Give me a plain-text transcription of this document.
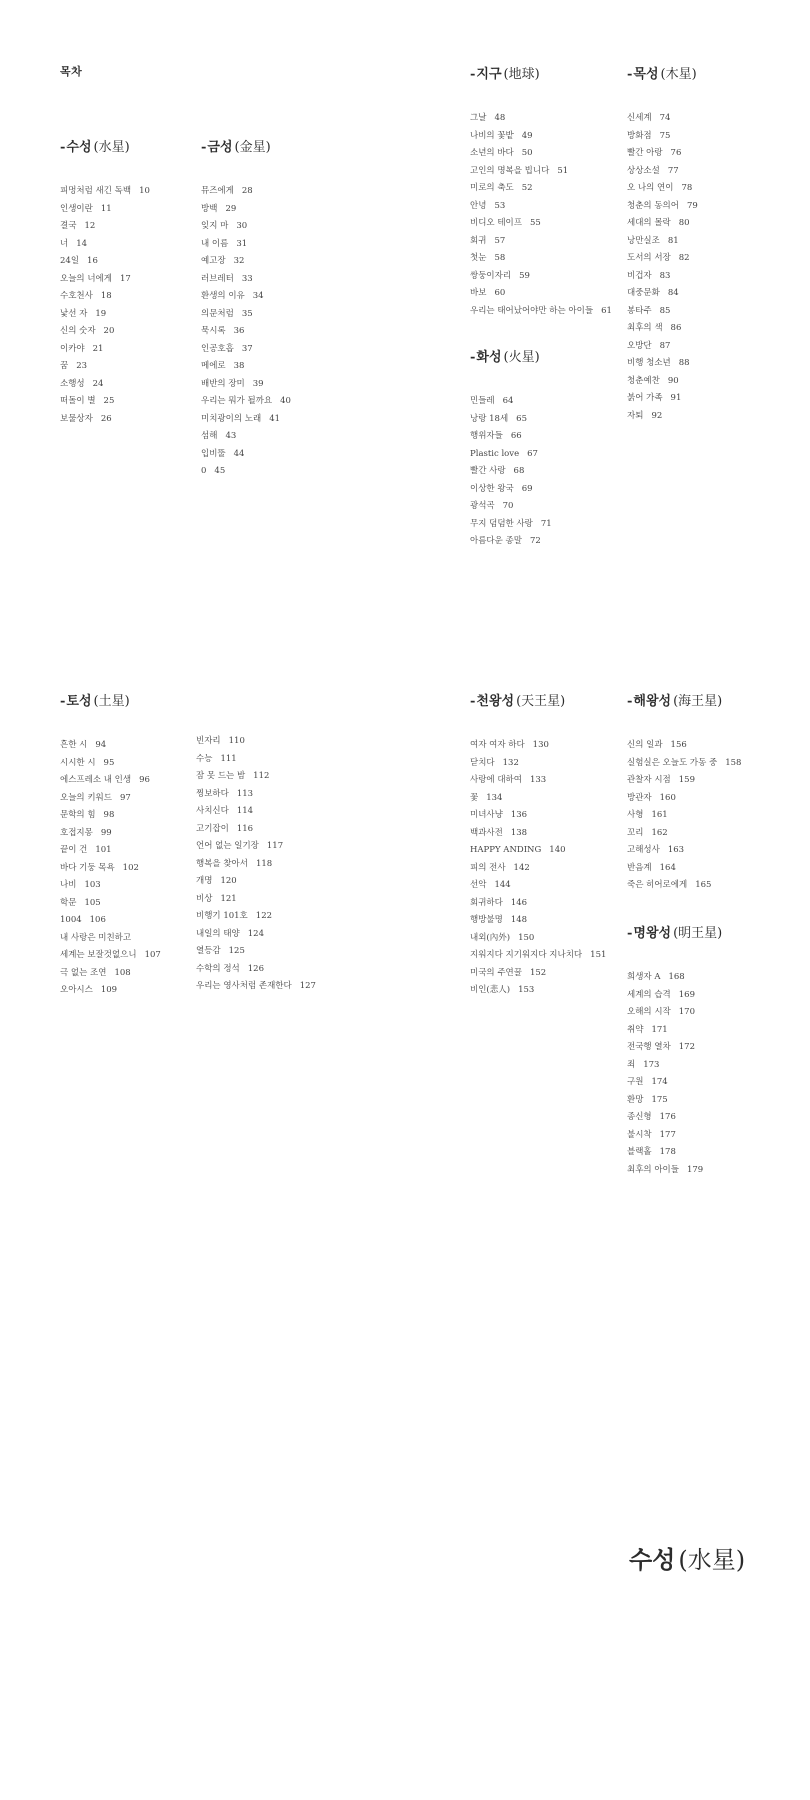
목차
-수성 (水星)
피멍처럼 새긴 독백 10
인생이란 11
결국 12
너 14
24일 16
오늘의 너에게 17
수호천사 18
낯선 자 19
신의 숫자 20
이카야 21
꿈 23
소행성 24
떠돌이 별 25
보물상자 26
-금성 (金星)
뮤즈에게 28
방백 29
잊지 마 30
내 이름 31
예고장 32
러브레터 33
환생의 이유 34
의문처럼 35
묵시록 36
인공호흡 37
메에로 38
배반의 장미 39
우리는 뭐가 될까요 40
미치광이의 노래 41
섬해 43
입비뚤 44
0 45
-지구 (地球)
그날 48
나비의 꽃밭 49
소년의 바다 50
고인의 명복을 빕니다 51
미로의 축도 52
안녕 53
비디오 테이프 55
회귀 57
첫눈 58
쌍둥이자리 59
바보 60
우리는 태어났어야만 하는 아이들 61
-화성 (火星)
민들레 64
낭랑 18세 65
행위자들 66
Plastic love 67
빨간 사랑 68
이상한 왕국 69
광석곡 70
무지 덤덤한 사랑 71
아름다운 종말 72
-목성 (木星)
신세계 74
방화점 75
빨간 아랑 76
상상소설 77
오 나의 연이 78
청춘의 동의어 79
세대의 몰락 80
낭만실조 81
도서의 서장 82
비겁자 83
대중문화 84
봉타주 85
최후의 색 86
오방단 87
비행 청소년 88
청춘예찬 90
붉어 가족 91
자퇴 92
-토성 (土星)
흔한 시 94
시시한 시 95
에스프레소 내 인생 96
오늘의 키워드 97
문학의 힘 98
호접지몽 99
끝이 건 101
바다 기둥 목욕 102
나비 103
학문 105
1004 106
내 사랑은 미친하고
세계는 보잘것없으니 107
극 없는 조연 108
오아시스 109
빈자리 110
수능 111
잠 못 드는 밤 112
찡보하다 113
사치신다 114
고기잡이 116
언어 없는 일기장 117
행복을 찾아서 118
개명 120
비상 121
비행기 101호 122
내일의 태양 124
열등감 125
수학의 정석 126
우리는 영사처럼 존재한다 127
-천왕성 (天王星)
여자 여자 하다 130
닫치다 132
사랑에 대하여 133
꽃 134
미녀사냥 136
백과사전 138
HAPPY ANDING 140
피의 전사 142
선악 144
회귀하다 146
행방불명 148
내외(內外) 150
지워지다 지기워지다 지나치다 151
미국의 주연꿀 152
비인(悲人) 153
-해왕성 (海王星)
신의 일과 156
실험실은 오늘도 가동 중 158
관찰자 시점 159
방관자 160
사형 161
꼬리 162
고해성사 163
반음계 164
죽은 히어로에게 165
-명왕성 (明王星)
희생자 A 168
세계의 습격 169
오해의 시작 170
취약 171
전국행 열차 172
죄 173
구원 174
환망 175
종신형 176
불시착 177
블랙홀 178
최후의 아이들 179
수성 (水星)
